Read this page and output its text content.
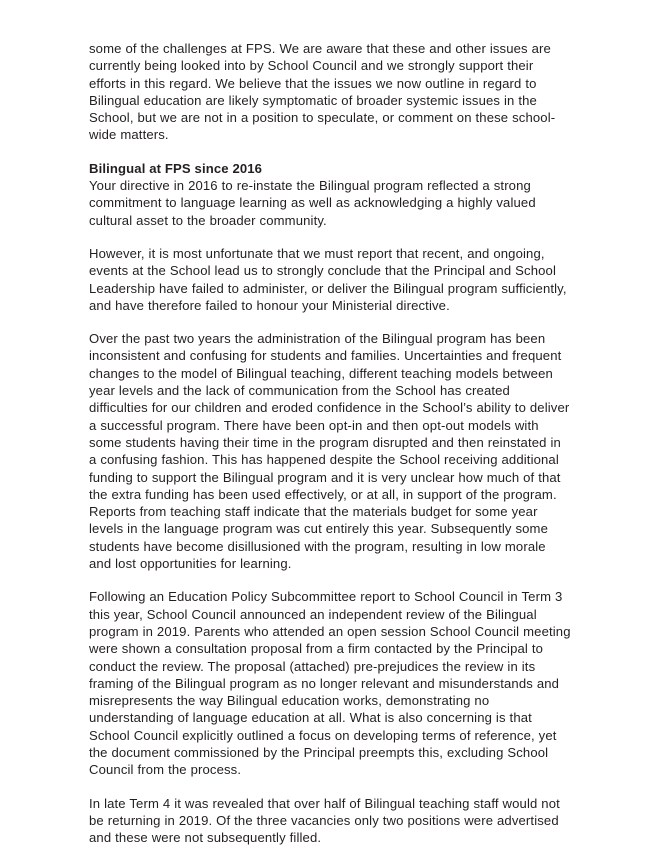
some of the challenges at FPS. We are aware that these and other issues are currently being looked into by School Council and we strongly support their efforts in this regard. We believe that the issues we now outline in regard to Bilingual education are likely symptomatic of broader systemic issues in the School, but we are not in a position to speculate, or comment on these school-wide matters.

Bilingual at FPS since 2016

Your directive in 2016 to re-instate the Bilingual program reflected a strong commitment to language learning as well as acknowledging a highly valued cultural asset to the broader community.

However, it is most unfortunate that we must report that recent, and ongoing, events at the School lead us to strongly conclude that the Principal and School Leadership have failed to administer, or deliver the Bilingual program sufficiently, and have therefore failed to honour your Ministerial directive.

Over the past two years the administration of the Bilingual program has been inconsistent and confusing for students and families. Uncertainties and frequent changes to the model of Bilingual teaching, different teaching models between year levels and the lack of communication from the School has created difficulties for our children and eroded confidence in the School’s ability to deliver a successful program. There have been opt-in and then opt-out models with some students having their time in the program disrupted and then reinstated in a confusing fashion. This has happened despite the School receiving additional funding to support the Bilingual program and it is very unclear how much of that the extra funding has been used effectively, or at all, in support of the program. Reports from teaching staff indicate that the materials budget for some year levels in the language program was cut entirely this year. Subsequently some students have become disillusioned with the program, resulting in low morale and lost opportunities for learning.

Following an Education Policy Subcommittee report to School Council in Term 3 this year, School Council announced an independent review of the Bilingual program in 2019. Parents who attended an open session School Council meeting were shown a consultation proposal from a firm contacted by the Principal to conduct the review. The proposal (attached) pre-prejudices the review in its framing of the Bilingual program as no longer relevant and misunderstands and misrepresents the way Bilingual education works, demonstrating no understanding of language education at all. What is also concerning is that School Council explicitly outlined a focus on developing terms of reference, yet the document commissioned by the Principal preempts this, excluding School Council from the process.

In late Term 4 it was revealed that over half of Bilingual teaching staff would not be returning in 2019. Of the three vacancies only two positions were advertised and these were not subsequently filled.
